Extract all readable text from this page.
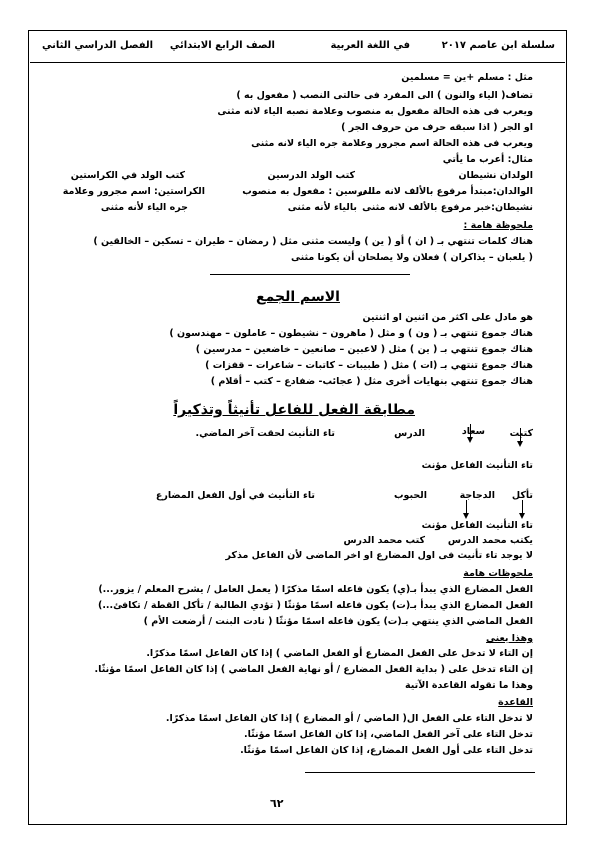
سلسلة ابن عاصم ٢٠١٧
في اللغة العربية
الصف الرابع الابتدائي
الفصل الدراسي الثاني
مثل : مسلم +ين = مسلمين
تضاف( الياء والنون ) الى المفرد فى حالتى النصب ( مفعول به )
ويعرب فى هذه الحالة مفعول به منصوب وعلامة نصبه الياء لانه مثنى
او الجر ( اذا سبقه حرف من حروف الجر )
ويعرب فى هذه الحالة اسم مجرور وعلامة جره الياء لانه مثنى
مثال: أعرب ما يأتي
الولدان نشيطان
الوالدان:مبتدأ مرفوع بالألف لانه مثنى
نشيطان:خبر مرفوع بالألف لانه مثنى
كتب الولد الدرسين
الدرسين : مفعول به منصوب
بالياء لأنه مثنى
كتب الولد في الكراستين
الكراستين: اسم مجرور وعلامة
جره الياء لأنه مثنى
ملحوظة هامة :
هناك كلمات تنتهي بـ ( ان ) أو ( ين ) وليست مثنى مثل ( رمضان – طيران – تسكين – الخالقين )
( يلعبان – يذاكران ) فعلان ولا يصلحان أن يكونا مثنى
الاسم الجمع
هو مادل على اكثر من اثنين او اثنتين
هناك جموع تنتهي بـ ( ون ) و مثل ( ماهرون – نشيطون – عاملون – مهندسون )
هناك جموع تنتهي بـ ( ين ) مثل ( لاعبين – صانعين – خاضعين – مدرسين )
هناك جموع تنتهي بـ (ات ) مثل ( طبيبات – كاتبات – شاعرات – قفزات )
هناك جموع تنتهي بنهايات أخرى مثل ( عجائب- ضفادع – كتب – أقلام )
مطابقة الفعل للفاعل تأنيثاً وتذكيراً
كتبت
سعاد
الدرس
تاء التأنيث لحقت آخر الماضي.
تاء التأنيث الفاعل مؤنث
تأكل
الدجاجة
الحبوب
تاء التأنيث في أول الفعل المضارع
تاء التأنيث الفاعل مؤنث
يكتب محمد الدرس
كتب محمد الدرس
لا يوجد تاء تأنيث فى اول المضارع او اخر الماضى لأن الفاعل مذكر
ملحوظات هامة
الفعل المضارع الذي يبدأ بـ(ي) يكون فاعله اسمًا مذكرًا ( يعمل العامل / يشرح المعلم / يزور...)
الفعل المضارع الذي يبدأ بـ(ت) يكون فاعله اسمًا مؤنثًا ( تؤدي الطالبة / تأكل القطة / تكافئ...)
الفعل الماضي الذي ينتهي بـ(ت) يكون فاعله اسمًا مؤنثًا ( نادت البنت / أرضعت الأم )
وهذا يعني
إن التاء لا تدخل على الفعل المضارع أو الفعل الماضي ) إذا كان الفاعل اسمًا مذكرًا.
إن التاء تدخل على ( بداية الفعل المضارع / أو نهاية الفعل الماضي ) إذا كان الفاعل اسمًا مؤنثًا.
وهذا ما تقوله القاعدة الآتية
القاعدة
لا تدخل التاء على الفعل ال( الماضي / أو المضارع ) إذا كان الفاعل اسمًا مذكرًا.
تدخل التاء على آخر الفعل الماضي، إذا كان الفاعل اسمًا مؤنثًا.
تدخل التاء على أول الفعل المضارع، إذا كان الفاعل اسمًا مؤنثًا.
٦٢
